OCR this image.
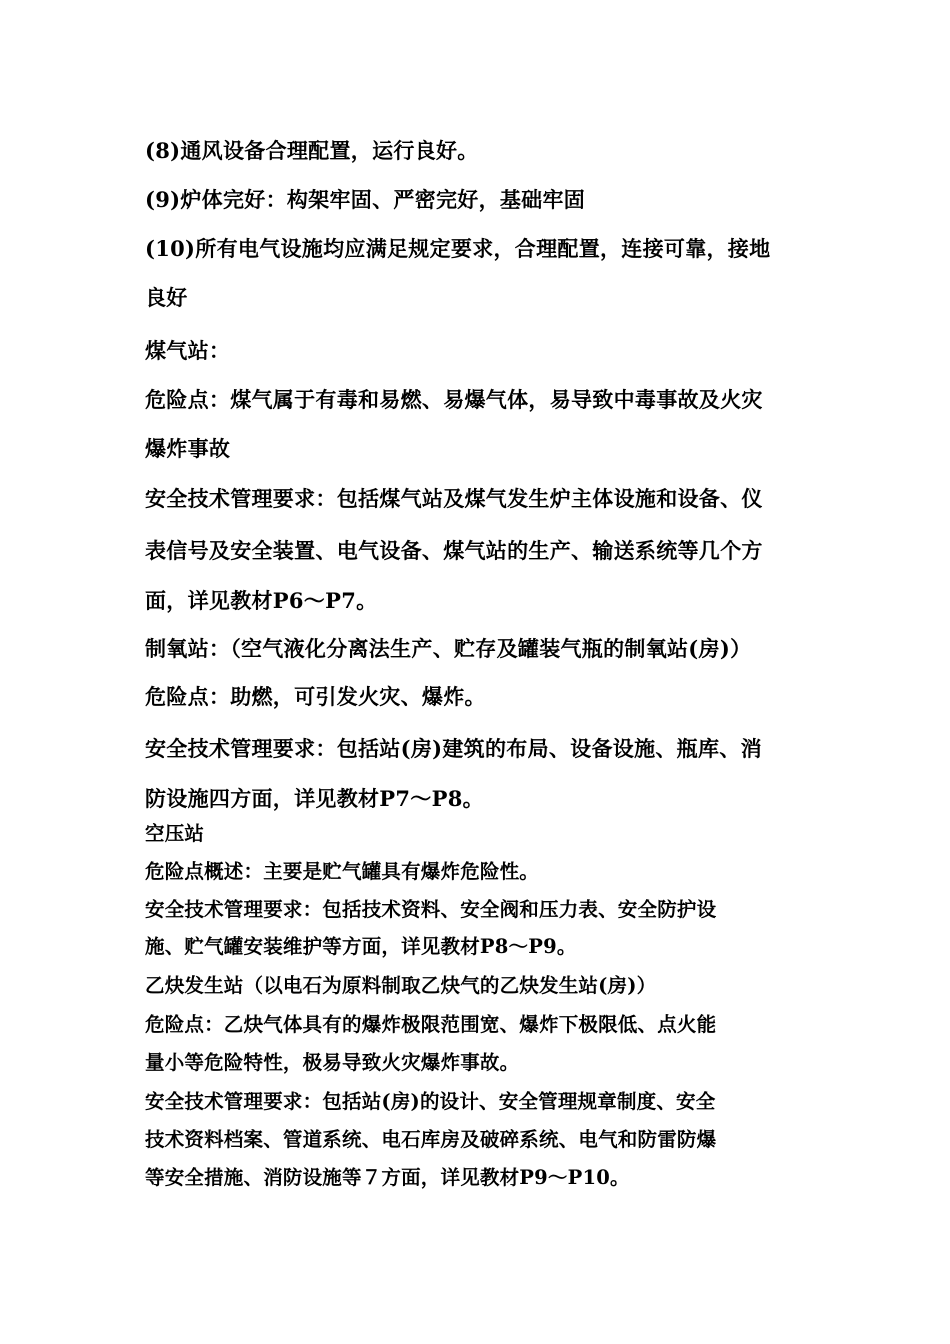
(8)通风设备合理配置，运行良好。

(9)炉体完好：构架牢固、严密完好，基础牢固

(10)所有电气设施均应满足规定要求，合理配置，连接可靠，接地

良好

煤气站：

危险点：煤气属于有毒和易燃、易爆气体，易导致中毒事故及火灾

爆炸事故

安全技术管理要求：包括煤气站及煤气发生炉主体设施和设备、仪

表信号及安全装置、电气设备、煤气站的生产、输送系统等几个方

面，详见教材P6～P7。

制氧站：（空气液化分离法生产、贮存及罐装气瓶的制氧站(房)）

危险点：助燃，可引发火灾、爆炸。

安全技术管理要求：包括站(房)建筑的布局、设备设施、瓶库、消

防设施四方面，详见教材P7～P8。

空压站

危险点概述：主要是贮气罐具有爆炸危险性。

安全技术管理要求：包括技术资料、安全阀和压力表、安全防护设

施、贮气罐安装维护等方面，详见教材P8～P9。

乙炔发生站（以电石为原料制取乙炔气的乙炔发生站(房)）

危险点：乙炔气体具有的爆炸极限范围宽、爆炸下极限低、点火能

量小等危险特性，极易导致火灾爆炸事故。

安全技术管理要求：包括站(房)的设计、安全管理规章制度、安全

技术资料档案、管道系统、电石库房及破碎系统、电气和防雷防爆

等安全措施、消防设施等７方面，详见教材P9～P10。
